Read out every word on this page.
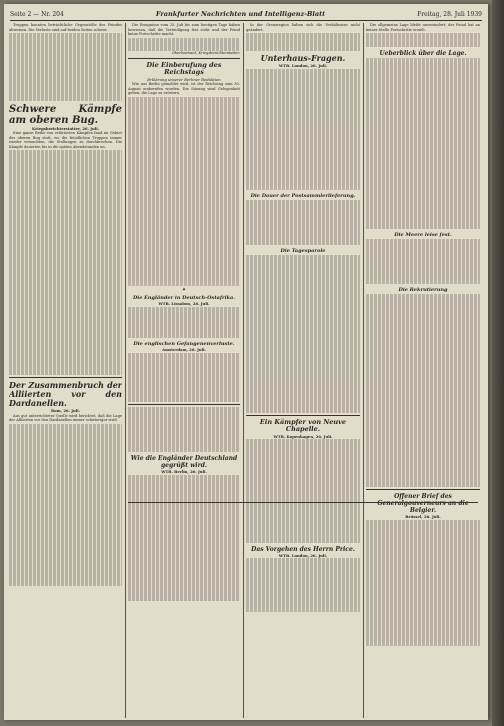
Seite 2 — Nr. 204	Frankfurter Nachrichten und Intelligenz-Blatt	Freitag, 28. Juli 1939

Truppen konnten beträchtliche Gegenstöße des Feindes abweisen. Die Verluste sind auf beiden Seiten schwer.

Schwere Kämpfe am oberen Bug.
Kriegsberichterstatter, 26. Juli.

Eine ganze Reihe von erbitterten Kämpfen fand im Gebiet des oberen Bug statt, wo die feindlichen Truppen immer wieder versuchten, die Stellungen zu durchbrechen. Die Kämpfe dauerten bis in die späten Abendstunden an.

Der Zusammenbruch der Alliierten vor den Dardanellen.
Rom, 26. Juli.

Aus gut unterrichteter Quelle wird berichtet, daß die Lage der Alliierten vor den Dardanellen immer schwieriger wird.

Die Ereignisse vom 25. Juli bis zum heutigen Tage haben bewiesen, daß die Verteidigung fest steht und der Feind keine Fortschritte macht.

Oberleutnant, Kriegsberichterstatter.

Die Einberufung des Reichstags
Erklärung unserer Berliner Redaktion

Wie aus Berlin gemeldet wird, ist der Reichstag zum 30. August einberufen worden. Die Sitzung wird Gelegenheit geben, die Lage zu erörtern.

✦
Die Engländer in Deutsch-Ostafrika.
WTB. Lissabon, 26. Juli.
Die englischen Gefangenenverluste.
Amsterdam, 26. Juli.
Wie die Engländer Deutschland gegrüßt wird.
WTB. Berlin, 26. Juli.

In der Grenzregion haben sich die Verhältnisse nicht geändert.

Unterhaus-Fragen.
WTB. London, 26. Juli.
Die Dauer der Postsammlerlieferung.
Die Tagesparole
Ein Kämpfer von Neuve Chapelle.
WTB. Kopenhagen, 26. Juli.
Das Vorgehen des Herrn Price.
WTB. London, 26. Juli.

Die allgemeine Lage bleibt unverändert; der Feind hat an keiner Stelle Fortschritte erzielt.

Ueberblick über die Lage.
Die Meere leise fest.
Die Rekrutierung
Offener Brief des Generalgouverneurs an die Belgier.
Brüssel, 26. Juli.
